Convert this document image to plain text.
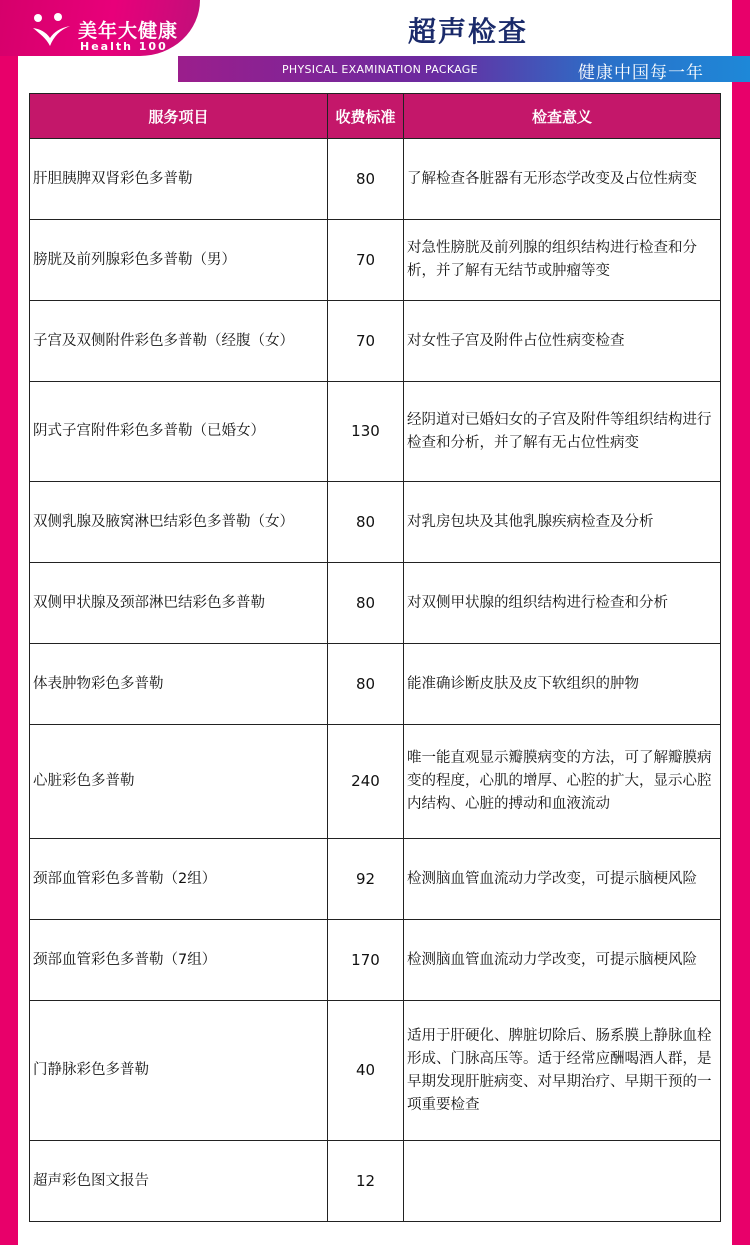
美年大健康
Health 100	超声检查
PHYSICAL EXAMINATION PACKAGE	健康中国每一年
服务项目	收费标准	检查意义
肝胆胰脾双肾彩色多普勒	80	了解检查各脏器有无形态学改变及占位性病变
膀胱及前列腺彩色多普勒（男）	70	对急性膀胱及前列腺的组织结构进行检查和分析，并了解有无结节或肿瘤等变
子宫及双侧附件彩色多普勒（经腹（女）	70	对女性子宫及附件占位性病变检查
阴式子宫附件彩色多普勒（已婚女）	130	经阴道对已婚妇女的子宫及附件等组织结构进行检查和分析，并了解有无占位性病变
双侧乳腺及腋窝淋巴结彩色多普勒（女）	80	对乳房包块及其他乳腺疾病检查及分析
双侧甲状腺及颈部淋巴结彩色多普勒	80	对双侧甲状腺的组织结构进行检查和分析
体表肿物彩色多普勒	80	能准确诊断皮肤及皮下软组织的肿物
心脏彩色多普勒	240	唯一能直观显示瓣膜病变的方法，可了解瓣膜病变的程度，心肌的增厚、心腔的扩大，显示心腔内结构、心脏的搏动和血液流动
颈部血管彩色多普勒（2组）	92	检测脑血管血流动力学改变，可提示脑梗风险
颈部血管彩色多普勒（7组）	170	检测脑血管血流动力学改变，可提示脑梗风险
门静脉彩色多普勒	40	适用于肝硬化、脾脏切除后、肠系膜上静脉血栓形成、门脉高压等。适于经常应酬喝酒人群，是早期发现肝脏病变、对早期治疗、早期干预的一项重要检查
超声彩色图文报告	12	
